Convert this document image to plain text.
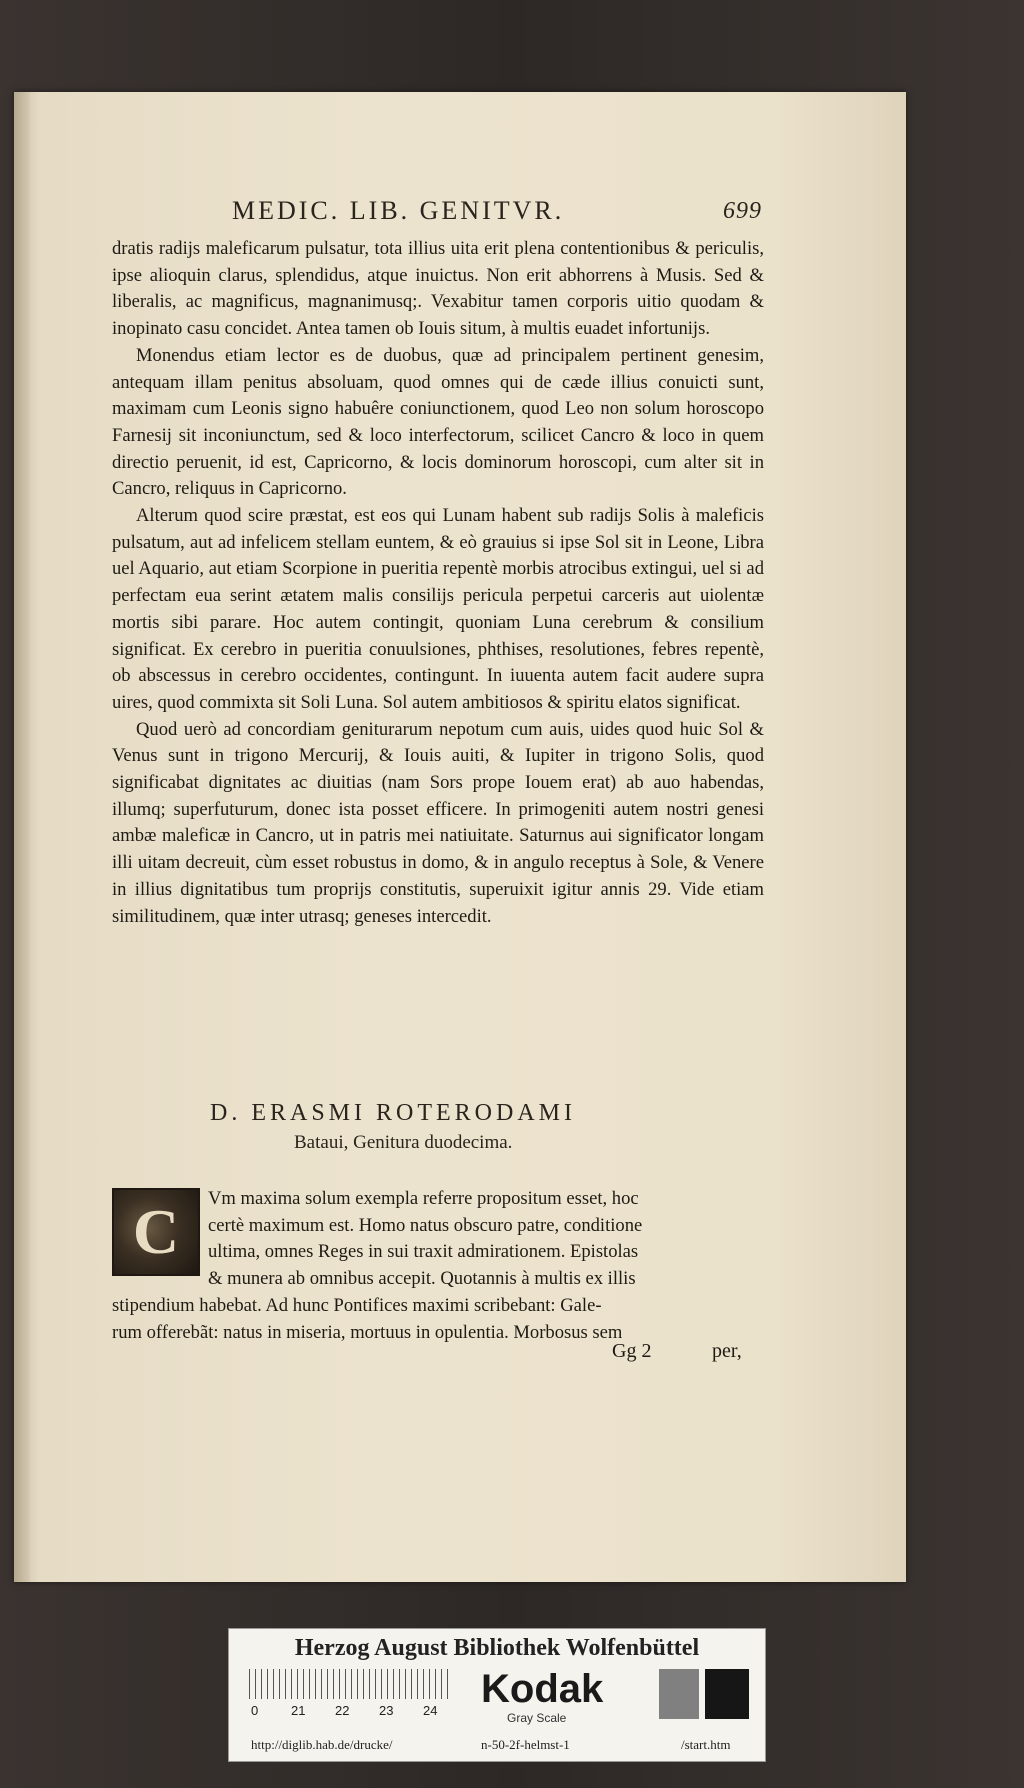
MEDIC. LIB. GENITVR.	699

dratis radijs maleficarum pulsatur, tota illius uita erit plena contentionibus & periculis, ipse alioquin clarus, splendidus, atque inuictus. Non erit abhorrens à Musis. Sed & liberalis, ac magnificus, magnanimusq;. Vexabitur tamen corporis uitio quodam & inopinato casu concidet. Antea tamen ob Iouis situm, à multis euadet infortunijs.

Monendus etiam lector es de duobus, quæ ad principalem pertinent genesim, antequam illam penitus absoluam, quod omnes qui de cæde illius conuicti sunt, maximam cum Leonis signo habuêre coniunctionem, quod Leo non solum horoscopo Farnesij sit inconiunctum, sed & loco interfectorum, scilicet Cancro & loco in quem directio peruenit, id est, Capricorno, & locis dominorum horoscopi, cum alter sit in Cancro, reliquus in Capricorno.

Alterum quod scire præstat, est eos qui Lunam habent sub radijs Solis à maleficis pulsatum, aut ad infelicem stellam euntem, & eò grauius si ipse Sol sit in Leone, Libra uel Aquario, aut etiam Scorpione in pueritia repentè morbis atrocibus extingui, uel si ad perfectam eua serint ætatem malis consilijs pericula perpetui carceris aut uiolentæ mortis sibi parare. Hoc autem contingit, quoniam Luna cerebrum & consilium significat. Ex cerebro in pueritia conuulsiones, phthises, resolutiones, febres repentè, ob abscessus in cerebro occidentes, contingunt. In iuuenta autem facit audere supra uires, quod commixta sit Soli Luna. Sol autem ambitiosos & spiritu elatos significat.

Quod uerò ad concordiam geniturarum nepotum cum auis, uides quod huic Sol & Venus sunt in trigono Mercurij, & Iouis auiti, & Iupiter in trigono Solis, quod significabat dignitates ac diuitias (nam Sors prope Iouem erat) ab auo habendas, illumq; superfuturum, donec ista posset efficere. In primogeniti autem nostri genesi ambæ maleficæ in Cancro, ut in patris mei natiuitate. Saturnus aui significator longam illi uitam decreuit, cùm esset robustus in domo, & in angulo receptus à Sole, & Venere in illius dignitatibus tum proprijs constitutis, superuixit igitur annis 29. Vide etiam similitudinem, quæ inter utrasq; geneses intercedit.

D. ERASMI ROTERODAMI
Bataui, Genitura duodecima.
C	Vm maxima solum exempla referre propositum esset, hoc
certè maximum est. Homo natus obscuro patre, conditione
ultima, omnes Reges in sui traxit admirationem. Epistolas
& munera ab omnibus accepit. Quotannis à multis ex illis
stipendium habebat. Ad hunc Pontifices maximi scribebant: Gale-
rum offerebãt: natus in miseria, mortuus in opulentia. Morbosus sem
Gg 2	per,
Herzog August Bibliothek Wolfenbüttel
0	21 22 23 24 Kodak
Gray Scale
http://diglib.hab.de/drucke/	n-50-2f-helmst-1	/start.htm
